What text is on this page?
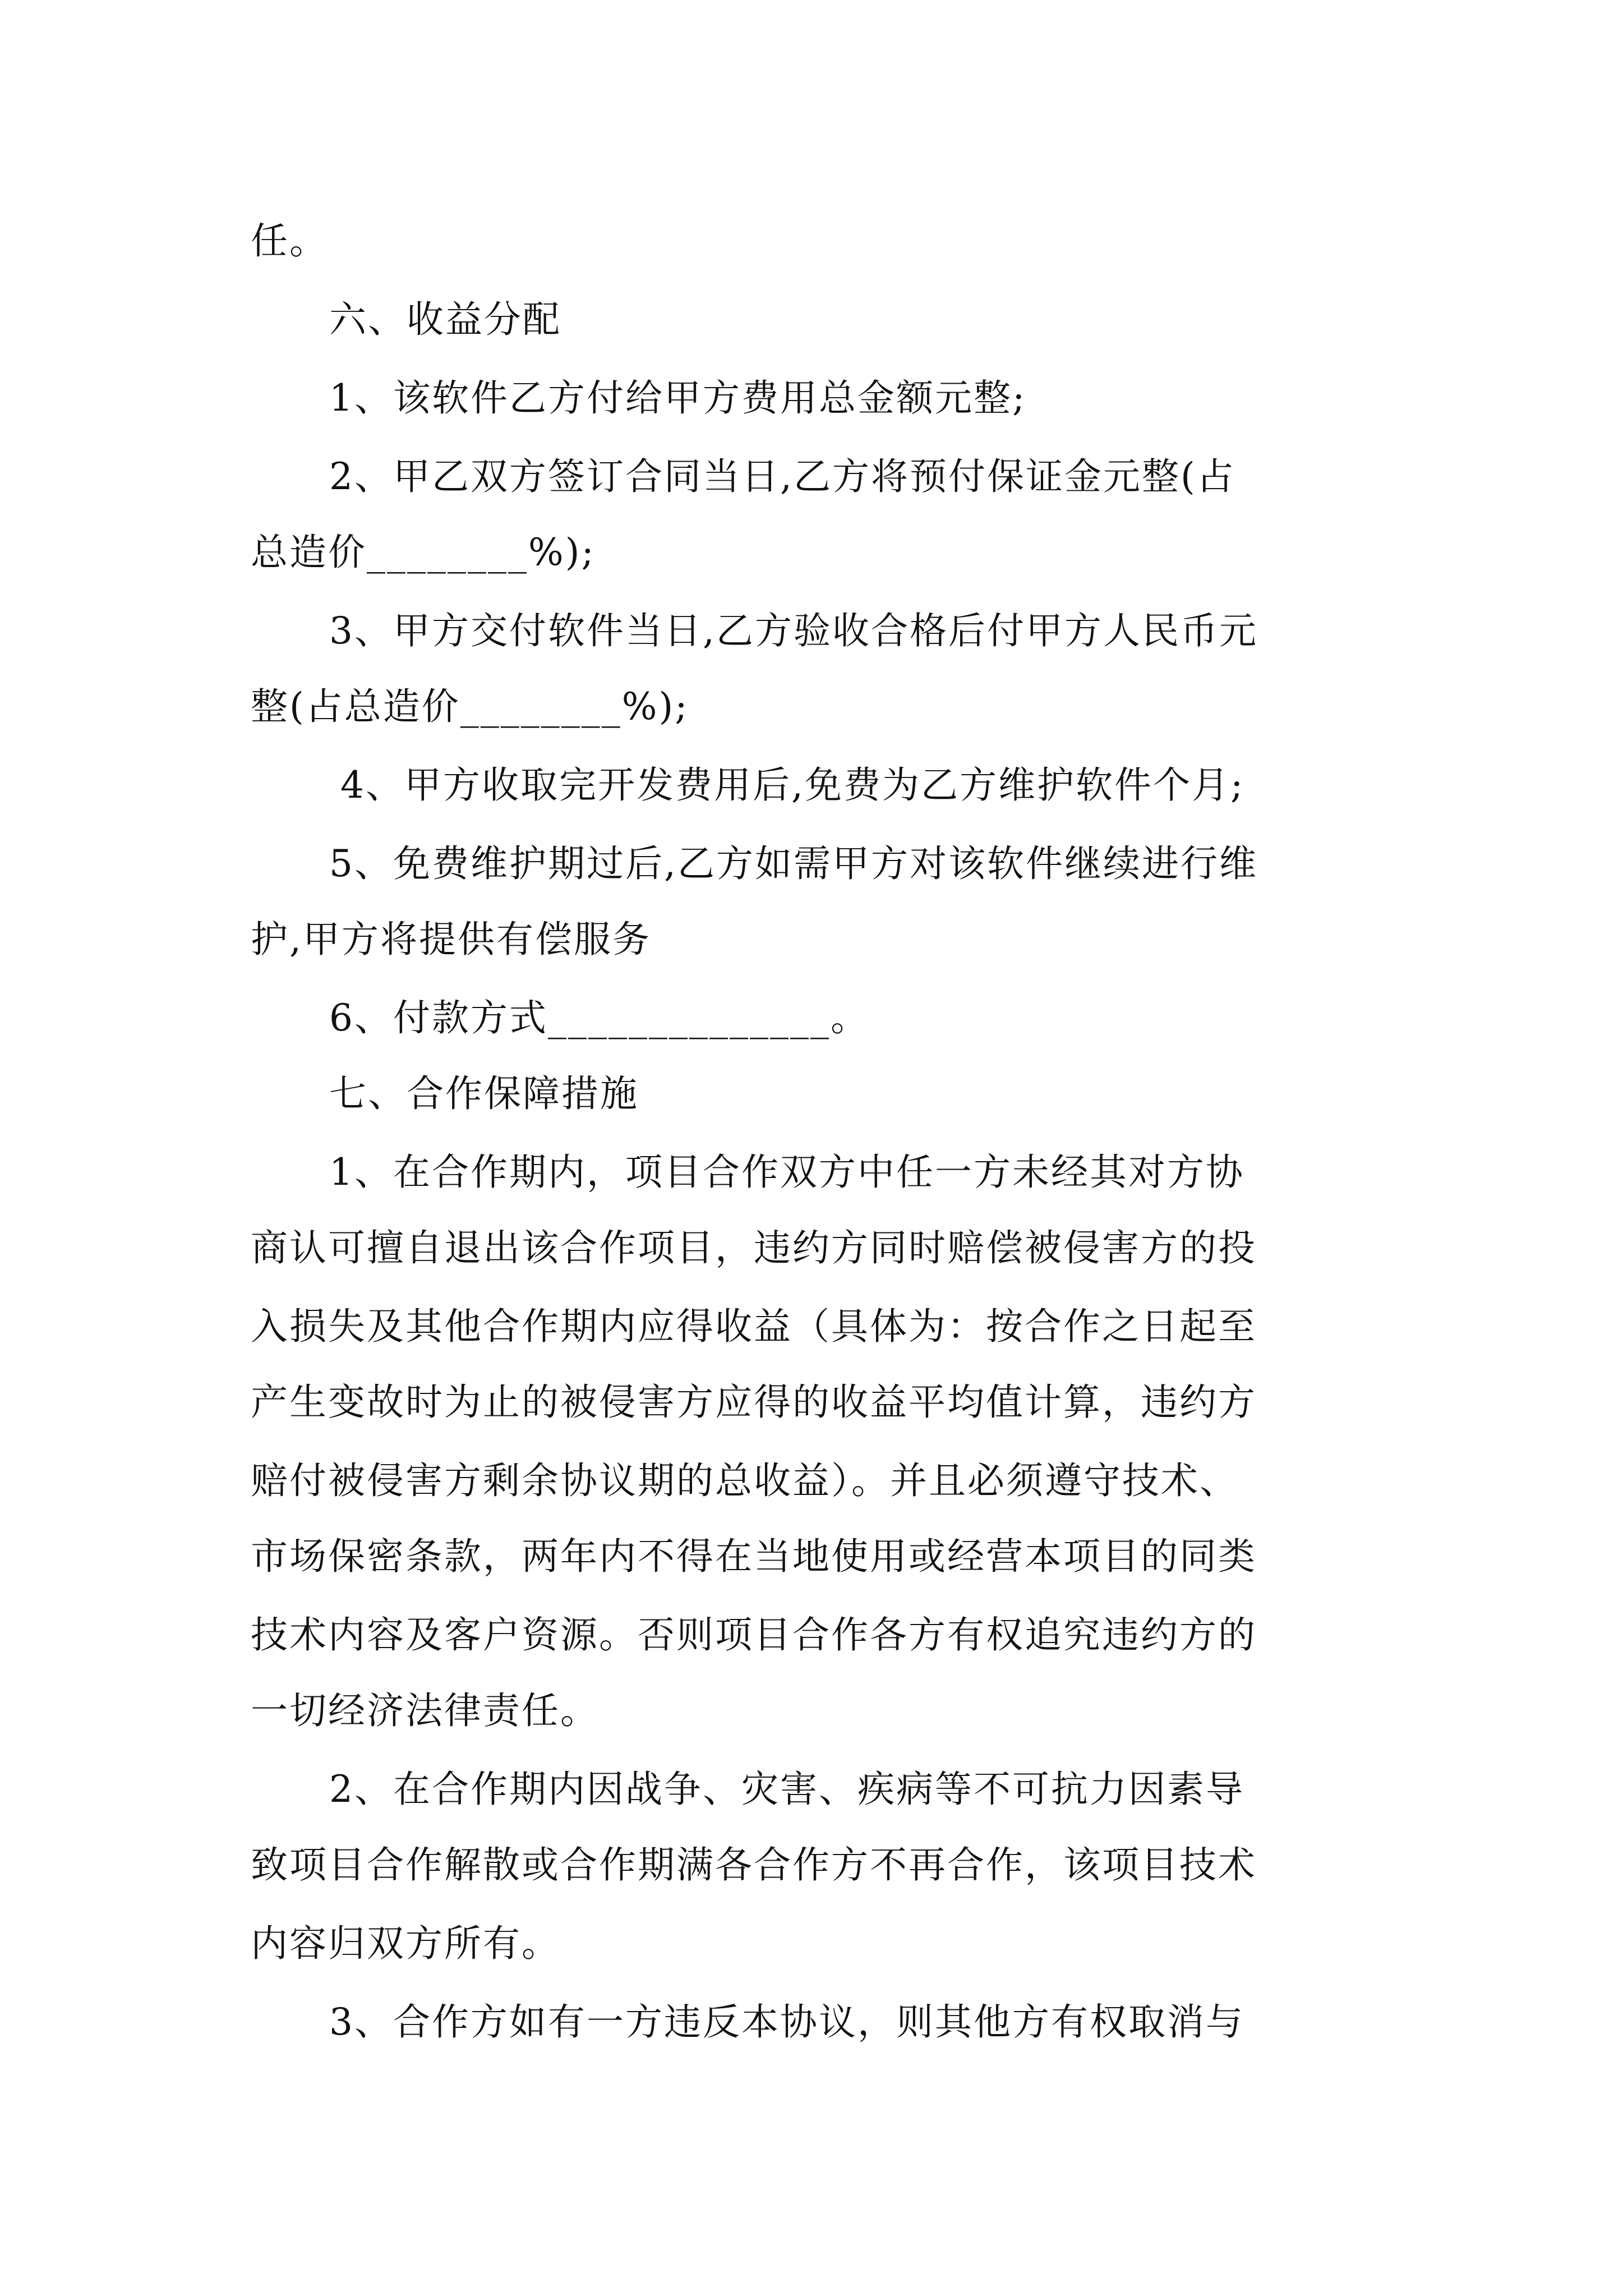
任。
六、收益分配
1、该软件乙方付给甲方费用总金额元整;
2、甲乙双方签订合同当日,乙方将预付保证金元整(占
总造价________%);
3、甲方交付软件当日,乙方验收合格后付甲方人民币元
整(占总造价________%);
4、甲方收取完开发费用后,免费为乙方维护软件个月;
5、免费维护期过后,乙方如需甲方对该软件继续进行维
护,甲方将提供有偿服务
6、付款方式______________。
七、合作保障措施
1、在合作期内，项目合作双方中任一方未经其对方协
商认可擅自退出该合作项目，违约方同时赔偿被侵害方的投
入损失及其他合作期内应得收益（具体为：按合作之日起至
产生变故时为止的被侵害方应得的收益平均值计算，违约方
赔付被侵害方剩余协议期的总收益）。并且必须遵守技术、
市场保密条款，两年内不得在当地使用或经营本项目的同类
技术内容及客户资源。否则项目合作各方有权追究违约方的
一切经济法律责任。
2、在合作期内因战争、灾害、疾病等不可抗力因素导
致项目合作解散或合作期满各合作方不再合作，该项目技术
内容归双方所有。
3、合作方如有一方违反本协议，则其他方有权取消与
